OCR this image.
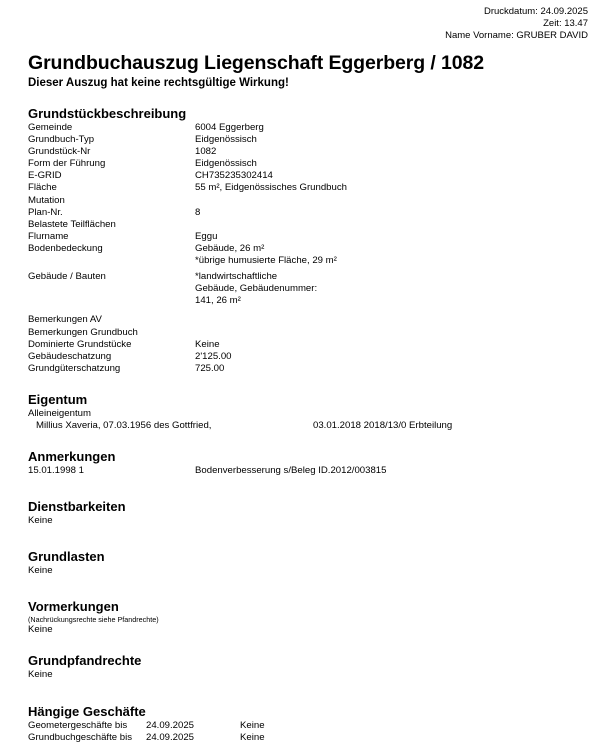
Druckdatum: 24.09.2025
Zeit: 13.47
Name Vorname: GRUBER DAVID
Grundbuchauszug Liegenschaft Eggerberg / 1082
Dieser Auszug hat keine rechtsgültige Wirkung!
Grundstückbeschreibung
Gemeinde	6004 Eggerberg
Grundbuch-Typ	Eidgenössisch
Grundstück-Nr	1082
Form der Führung	Eidgenössisch
E-GRID	CH735235302414
Fläche	55 m², Eidgenössisches Grundbuch
Mutation
Plan-Nr.	8
Belastete Teilflächen
Flurname	Eggu
Bodenbedeckung	Gebäude, 26 m²
*übrige humusierte Fläche, 29 m²
Gebäude / Bauten	*landwirtschaftliche
Gebäude, Gebäudenummer:
141, 26 m²
Bemerkungen AV
Bemerkungen Grundbuch
Dominierte Grundstücke	Keine
Gebäudeschatzung	2'125.00
Grundgüterschatzung	725.00
Eigentum
Alleineigentum
Millius Xaveria, 07.03.1956 des Gottfried,	03.01.2018 2018/13/0 Erbteilung
Anmerkungen
15.01.1998 1	Bodenverbesserung s/Beleg ID.2012/003815
Dienstbarkeiten
Keine
Grundlasten
Keine
Vormerkungen
(Nachrückungsrechte siehe Pfandrechte)
Keine
Grundpfandrechte
Keine
Hängige Geschäfte
Geometergeschäfte bis	24.09.2025	Keine
Grundbuchgeschäfte bis	24.09.2025	Keine
